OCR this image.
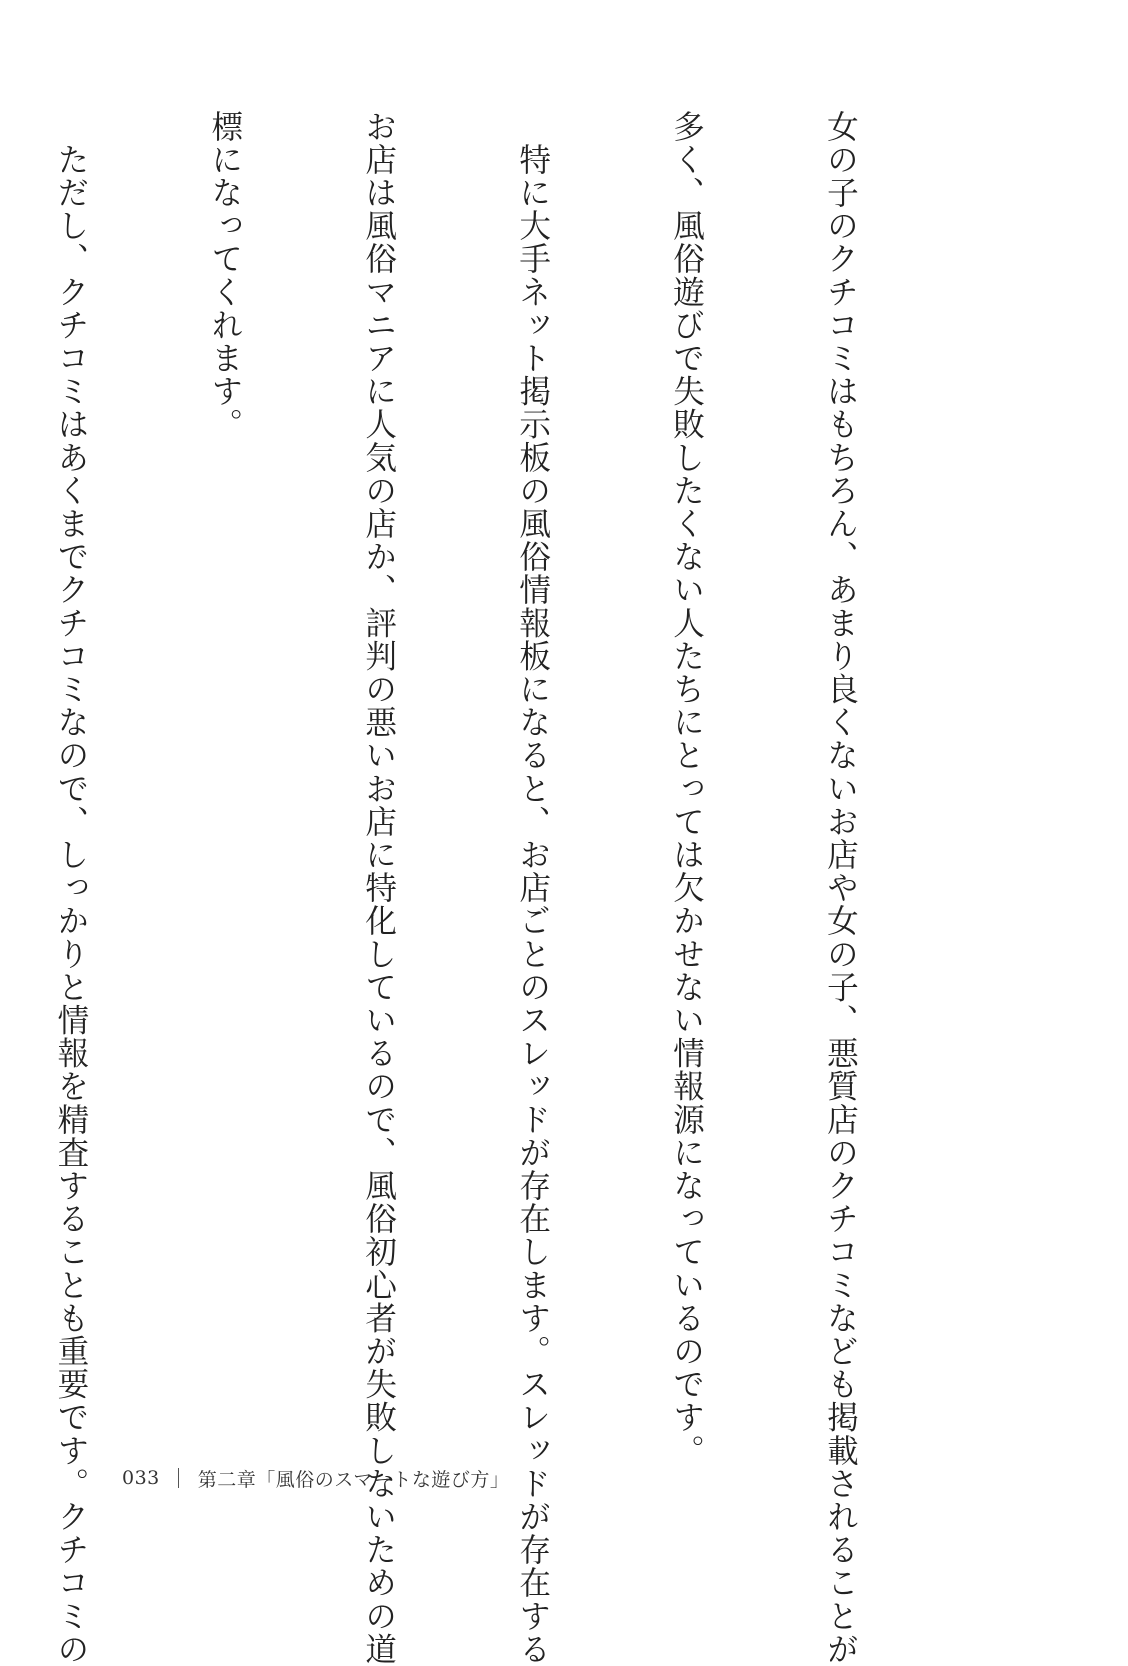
女の子のクチコミはもちろん、あまり良くないお店や女の子、悪質店のクチコミなども掲載されることが

多く、風俗遊びで失敗したくない人たちにとっては欠かせない情報源になっているのです。

　特に大手ネット掲示板の風俗情報板になると、お店ごとのスレッドが存在します。スレッドが存在する

お店は風俗マニアに人気の店か、評判の悪いお店に特化しているので、風俗初心者が失敗しないための道

標になってくれます。

　ただし、クチコミはあくまでクチコミなので、しっかりと情報を精査することも重要です。クチコミの

	033 第二章「風俗のスマートな遊び方」
